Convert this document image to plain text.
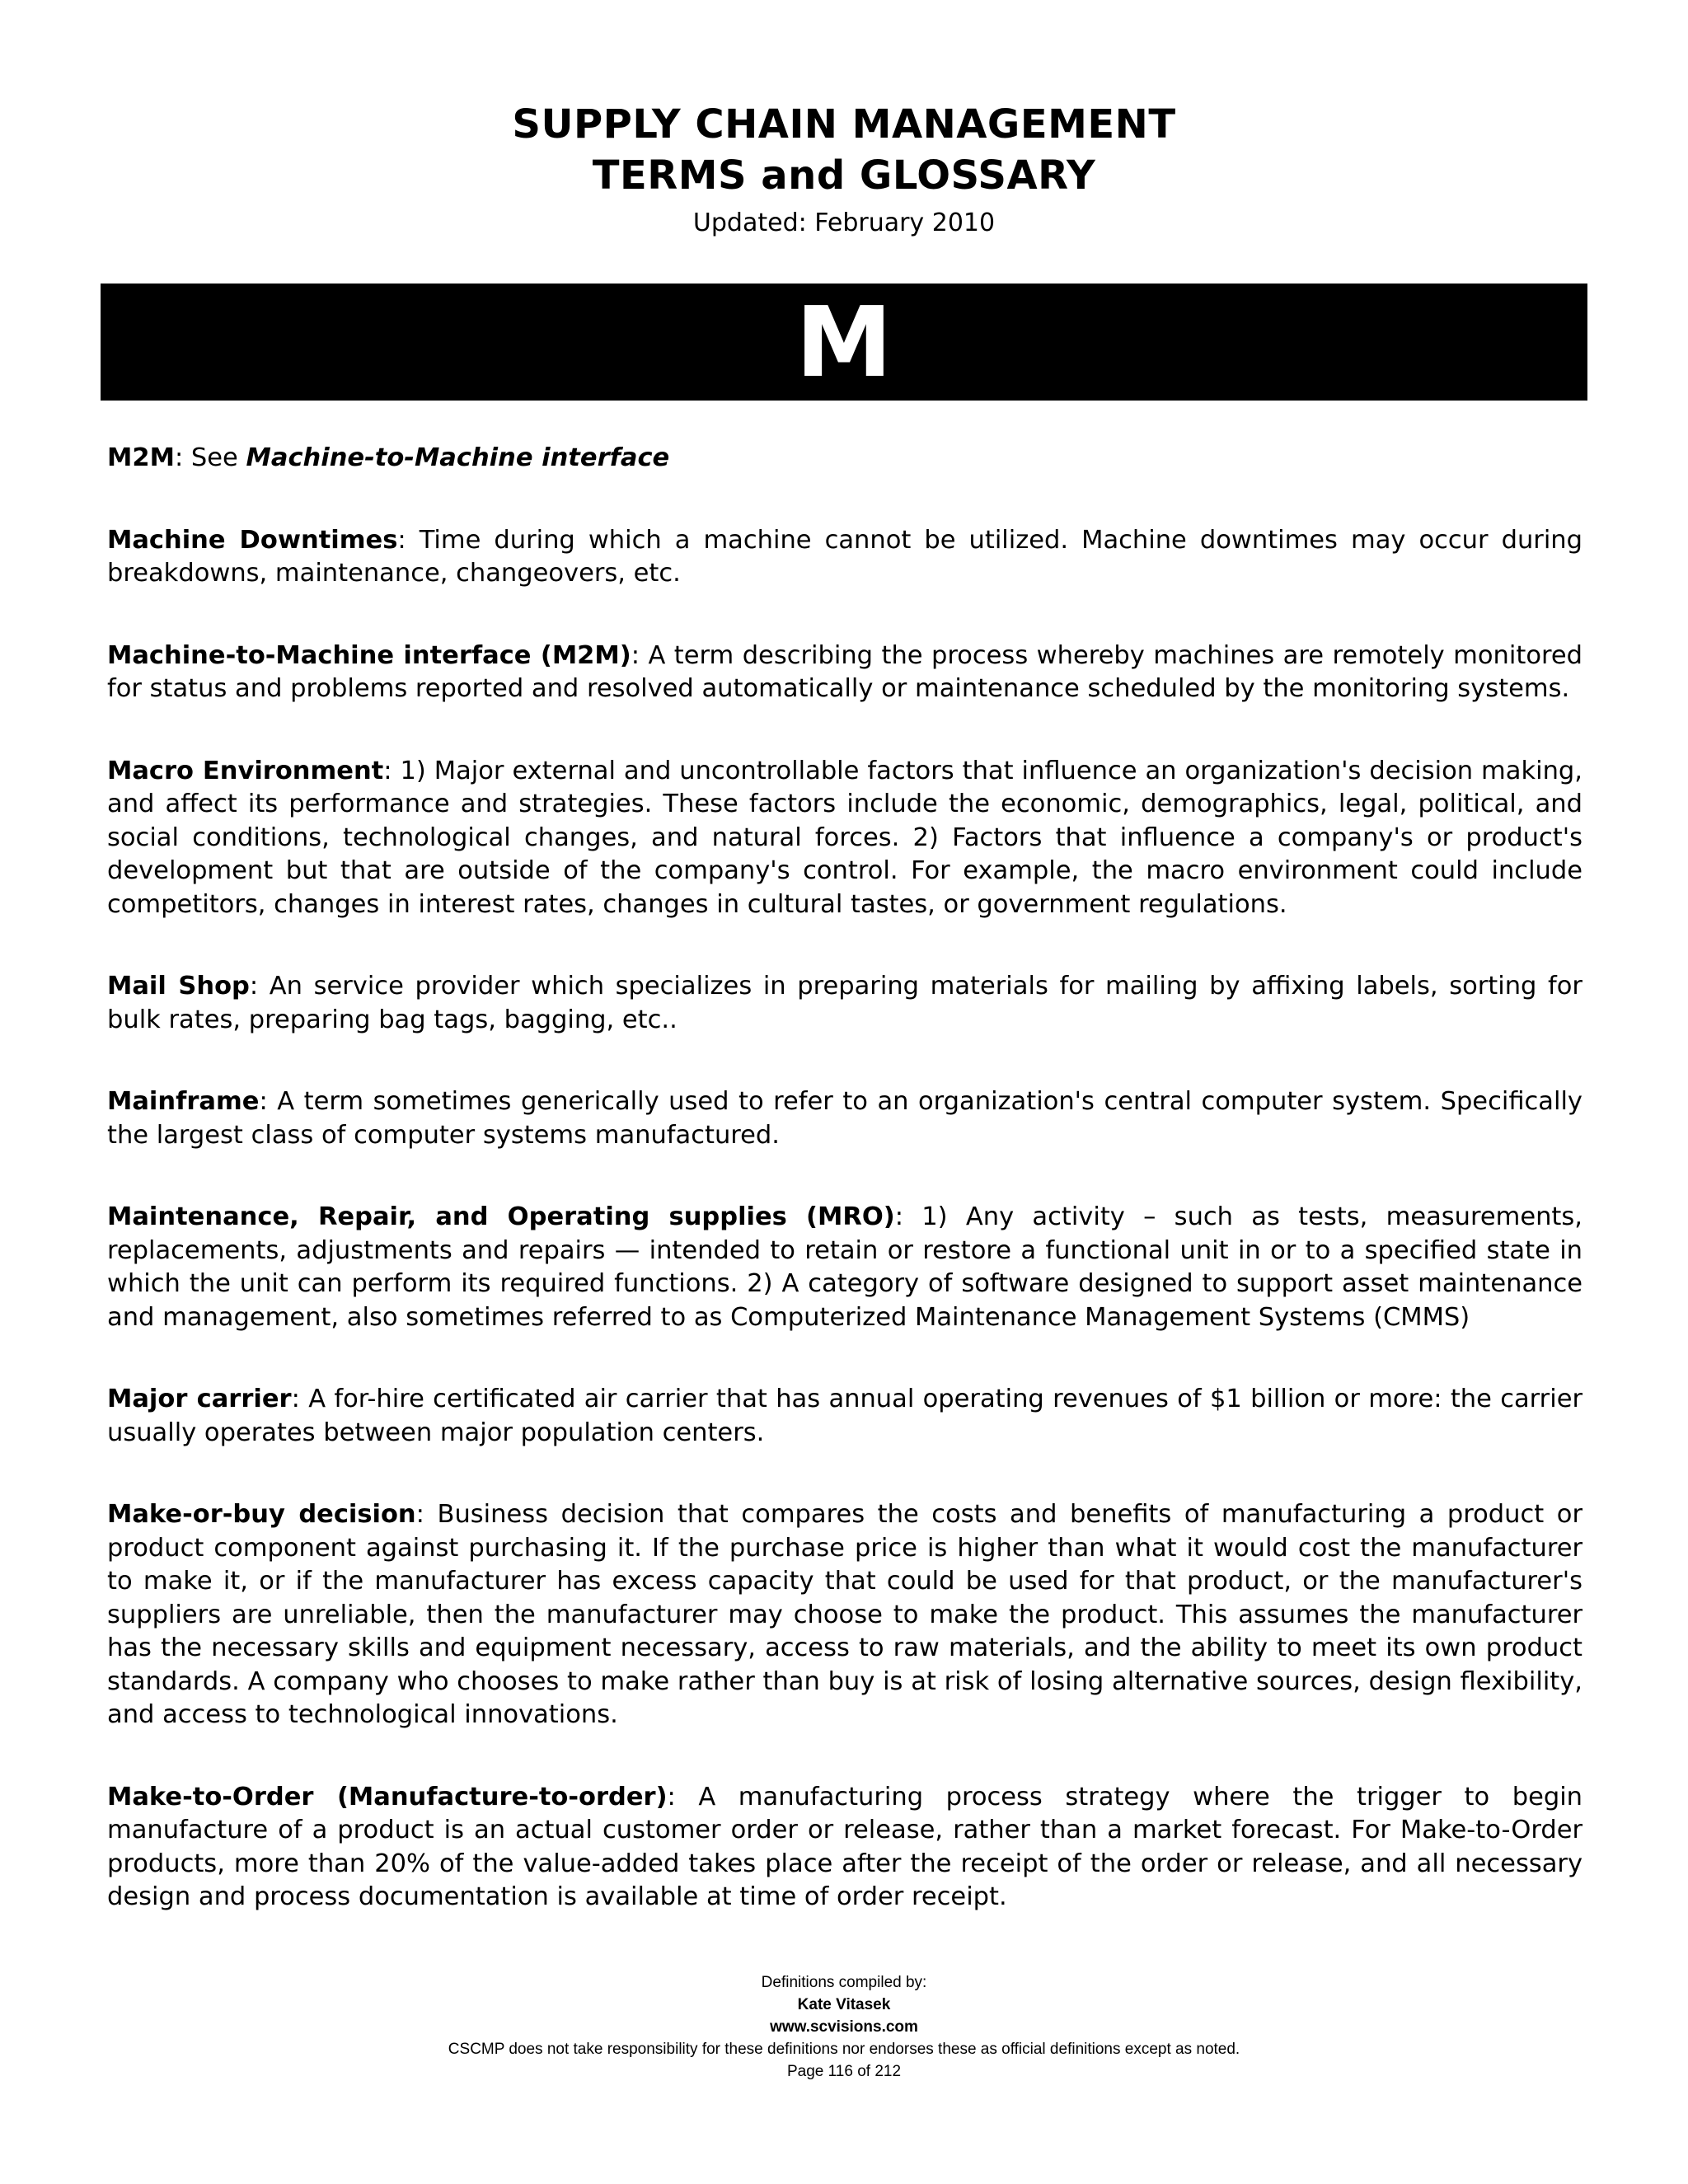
SUPPLY CHAIN MANAGEMENT
TERMS and GLOSSARY
Updated: February 2010
M

M2M: See Machine-to-Machine interface

Machine Downtimes: Time during which a machine cannot be utilized. Machine downtimes may occur during breakdowns, maintenance, changeovers, etc.

Machine-to-Machine interface (M2M): A term describing the process whereby machines are remotely monitored for status and problems reported and resolved automatically or maintenance scheduled by the monitoring systems.

Macro Environment: 1) Major external and uncontrollable factors that influence an organization's decision making, and affect its performance and strategies. These factors include the economic, demographics, legal, political, and social conditions, technological changes, and natural forces. 2) Factors that influence a company's or product's development but that are outside of the company's control. For example, the macro environment could include competitors, changes in interest rates, changes in cultural tastes, or government regulations.

Mail Shop: An service provider which specializes in preparing materials for mailing by affixing labels, sorting for bulk rates, preparing bag tags, bagging, etc..

Mainframe: A term sometimes generically used to refer to an organization's central computer system. Specifically the largest class of computer systems manufactured.

Maintenance, Repair, and Operating supplies (MRO): 1) Any activity – such as tests, measurements, replacements, adjustments and repairs — intended to retain or restore a functional unit in or to a specified state in which the unit can perform its required functions. 2) A category of software designed to support asset maintenance and management, also sometimes referred to as Computerized Maintenance Management Systems (CMMS)

Major carrier: A for-hire certificated air carrier that has annual operating revenues of $1 billion or more: the carrier usually operates between major population centers.

Make-or-buy decision: Business decision that compares the costs and benefits of manufacturing a product or product component against purchasing it. If the purchase price is higher than what it would cost the manufacturer to make it, or if the manufacturer has excess capacity that could be used for that product, or the manufacturer's suppliers are unreliable, then the manufacturer may choose to make the product. This assumes the manufacturer has the necessary skills and equipment necessary, access to raw materials, and the ability to meet its own product standards. A company who chooses to make rather than buy is at risk of losing alternative sources, design flexibility, and access to technological innovations.

Make-to-Order (Manufacture-to-order): A manufacturing process strategy where the trigger to begin manufacture of a product is an actual customer order or release, rather than a market forecast. For Make-to-Order products, more than 20% of the value-added takes place after the receipt of the order or release, and all necessary design and process documentation is available at time of order receipt.

Definitions compiled by:
Kate Vitasek
www.scvisions.com
CSCMP does not take responsibility for these definitions nor endorses these as official definitions except as noted.
Page 116 of 212
